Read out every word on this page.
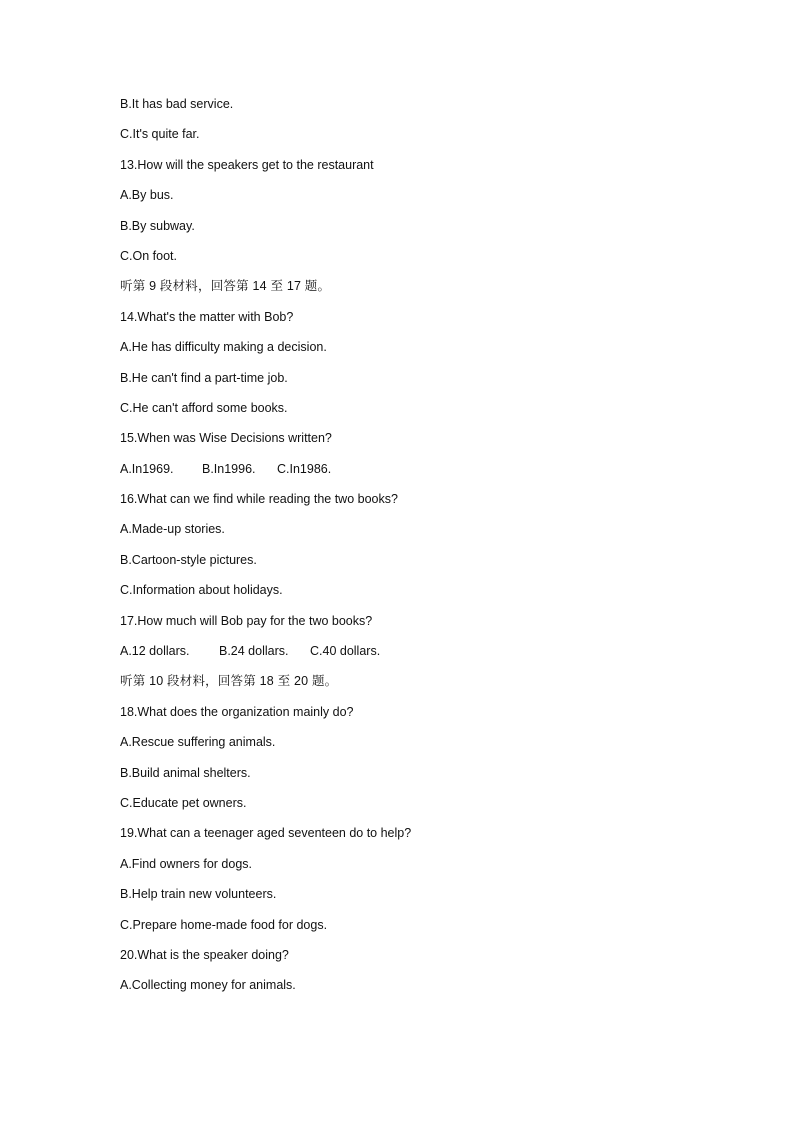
B.It has bad service.
C.It's quite far.
13.How will the speakers get to the restaurant
A.By bus.
B.By subway.
C.On foot.
听第 9 段材料，回答第 14 至 17 题。
14.What's the matter with Bob?
A.He has difficulty making a decision.
B.He can't find a part-time job.
C.He can't afford some books.
15.When was Wise Decisions written?
A.In1969. B.In1996. C.In1986.
16.What can we find while reading the two books?
A.Made-up stories.
B.Cartoon-style pictures.
C.Information about holidays.
17.How much will Bob pay for the two books?
A.12 dollars. B.24 dollars. C.40 dollars.
听第 10 段材料，回答第 18 至 20 题。
18.What does the organization mainly do?
A.Rescue suffering animals.
B.Build animal shelters.
C.Educate pet owners.
19.What can a teenager aged seventeen do to help?
A.Find owners for dogs.
B.Help train new volunteers.
C.Prepare home-made food for dogs.
20.What is the speaker doing?
A.Collecting money for animals.
